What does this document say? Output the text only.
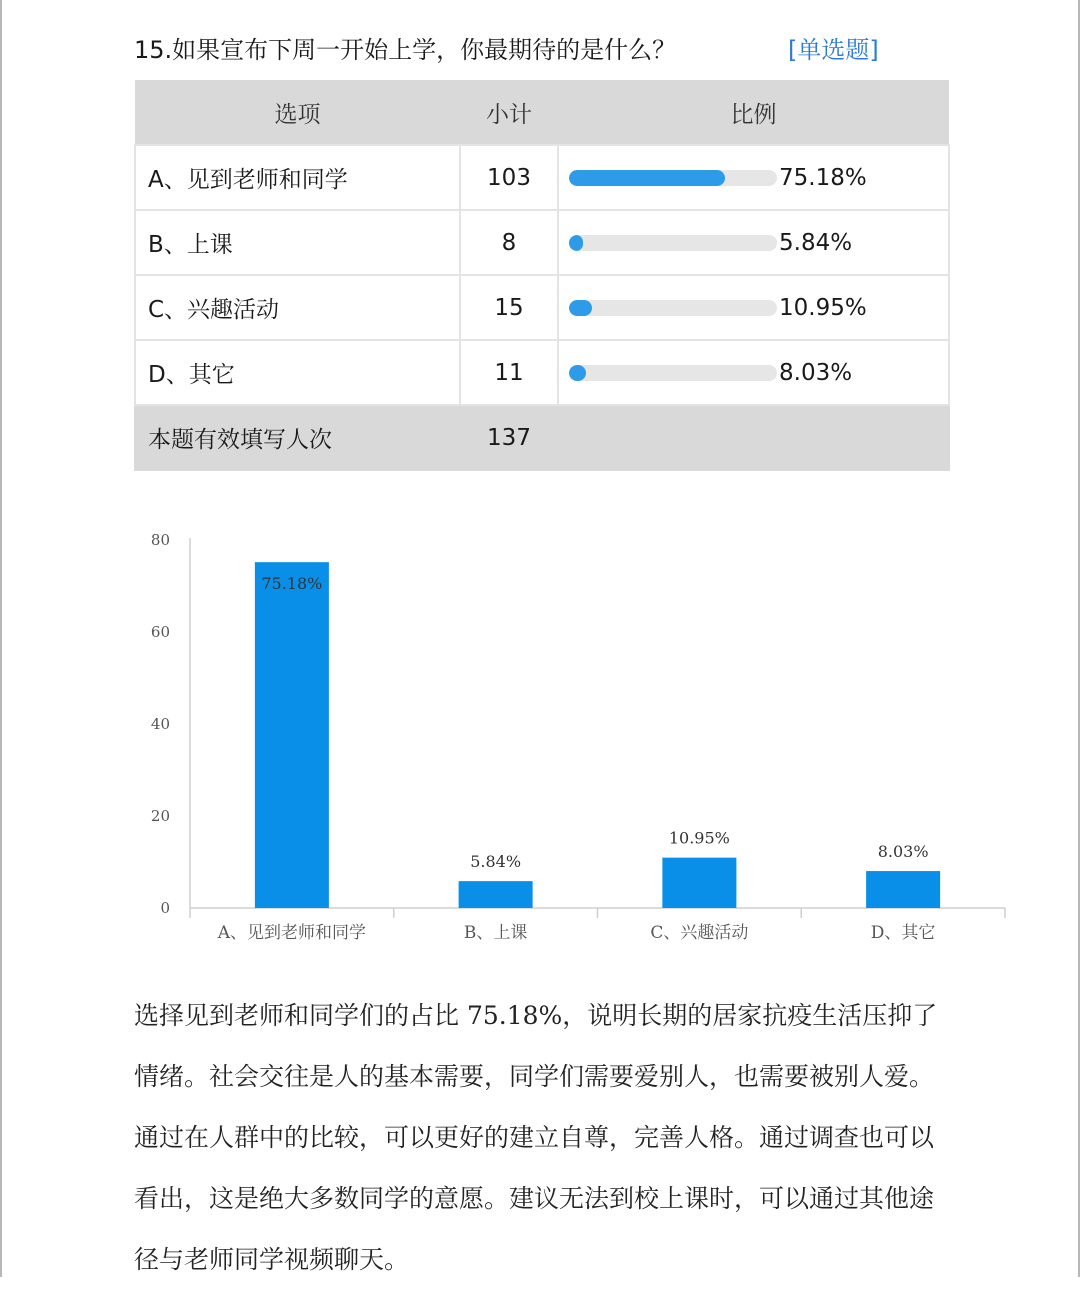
15.如果宣布下周一开始上学，你最期待的是什么？	[单选题]
选项	小计	比例
A、见到老师和同学	103	75.18%
B、上课	8	5.84%
C、兴趣活动	15	10.95%
D、其它	11	8.03%
本题有效填写人次	137	
0
20
40
60
80
75.18%
A、见到老师和同学
5.84%
B、上课
10.95%
C、兴趣活动
8.03%
D、其它
选择见到老师和同学们的占比 75.18%，说明长期的居家抗疫生活压抑了情绪。社会交往是人的基本需要，同学们需要爱别人，也需要被别人爱。通过在人群中的比较，可以更好的建立自尊，完善人格。通过调查也可以看出，这是绝大多数同学的意愿。建议无法到校上课时，可以通过其他途径与老师同学视频聊天。
